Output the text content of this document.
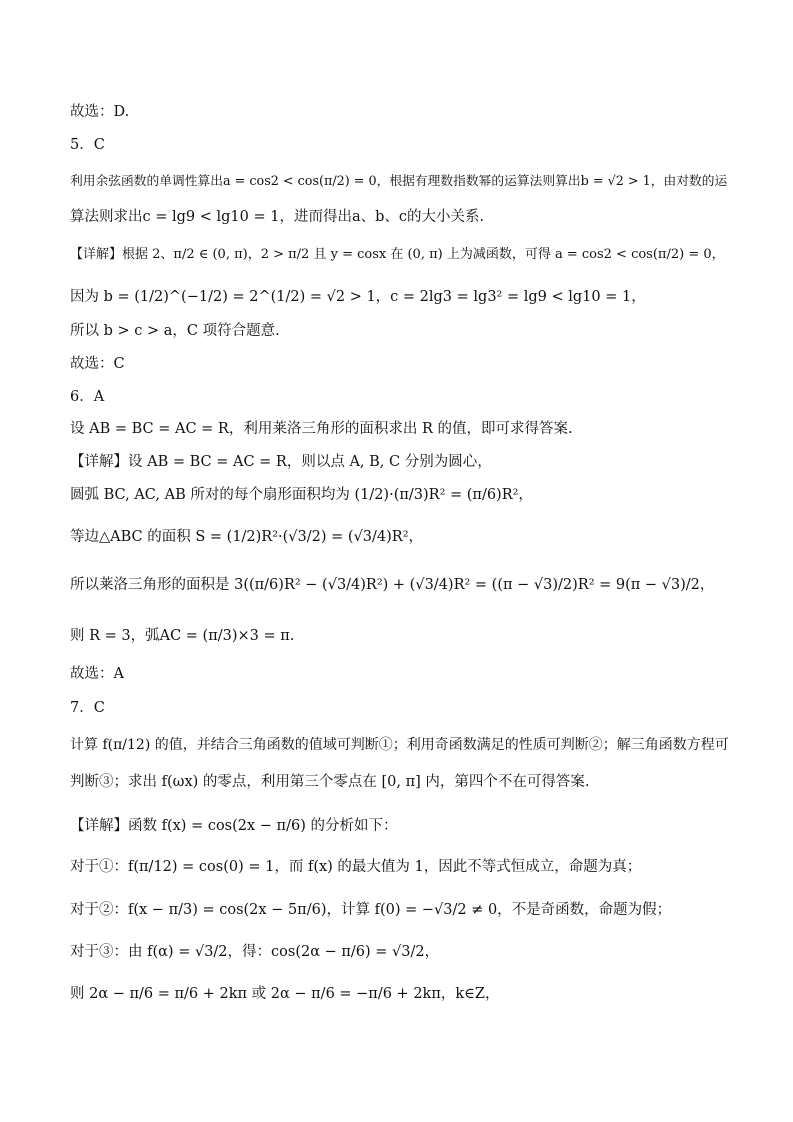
故选：D.
5．C
利用余弦函数的单调性算出a = cos2 < cos(π/2) = 0，根据有理数指数幂的运算法则算出b = √2 > 1，由对数的运
算法则求出c = lg9 < lg10 = 1，进而得出a、b、c的大小关系.
【详解】根据 2、π/2 ∈ (0, π)，2 > π/2 且 y = cosx 在 (0, π) 上为减函数，可得 a = cos2 < cos(π/2) = 0，
因为 b = (1/2)^(−1/2) = 2^(1/2) = √2 > 1，c = 2lg3 = lg3² = lg9 < lg10 = 1，
所以 b > c > a，C 项符合题意.
故选：C
6．A
设 AB = BC = AC = R，利用莱洛三角形的面积求出 R 的值，即可求得答案.
【详解】设 AB = BC = AC = R，则以点 A, B, C 分别为圆心，
圆弧 BC, AC, AB 所对的每个扇形面积均为 (1/2)·(π/3)R² = (π/6)R²，
等边△ABC 的面积 S = (1/2)R²·(√3/2) = (√3/4)R²，
所以莱洛三角形的面积是 3((π/6)R² − (√3/4)R²) + (√3/4)R² = ((π − √3)/2)R² = 9(π − √3)/2，
则 R = 3，弧AC = (π/3)×3 = π.
故选：A
7．C
计算 f(π/12) 的值，并结合三角函数的值域可判断①；利用奇函数满足的性质可判断②；解三角函数方程可
判断③；求出 f(ωx) 的零点，利用第三个零点在 [0, π] 内，第四个不在可得答案.
【详解】函数 f(x) = cos(2x − π/6) 的分析如下：
对于①：f(π/12) = cos(0) = 1，而 f(x) 的最大值为 1，因此不等式恒成立，命题为真；
对于②：f(x − π/3) = cos(2x − 5π/6)，计算 f(0) = −√3/2 ≠ 0，不是奇函数，命题为假；
对于③：由 f(α) = √3/2，得：cos(2α − π/6) = √3/2，
则 2α − π/6 = π/6 + 2kπ 或 2α − π/6 = −π/6 + 2kπ，k∈Z，
